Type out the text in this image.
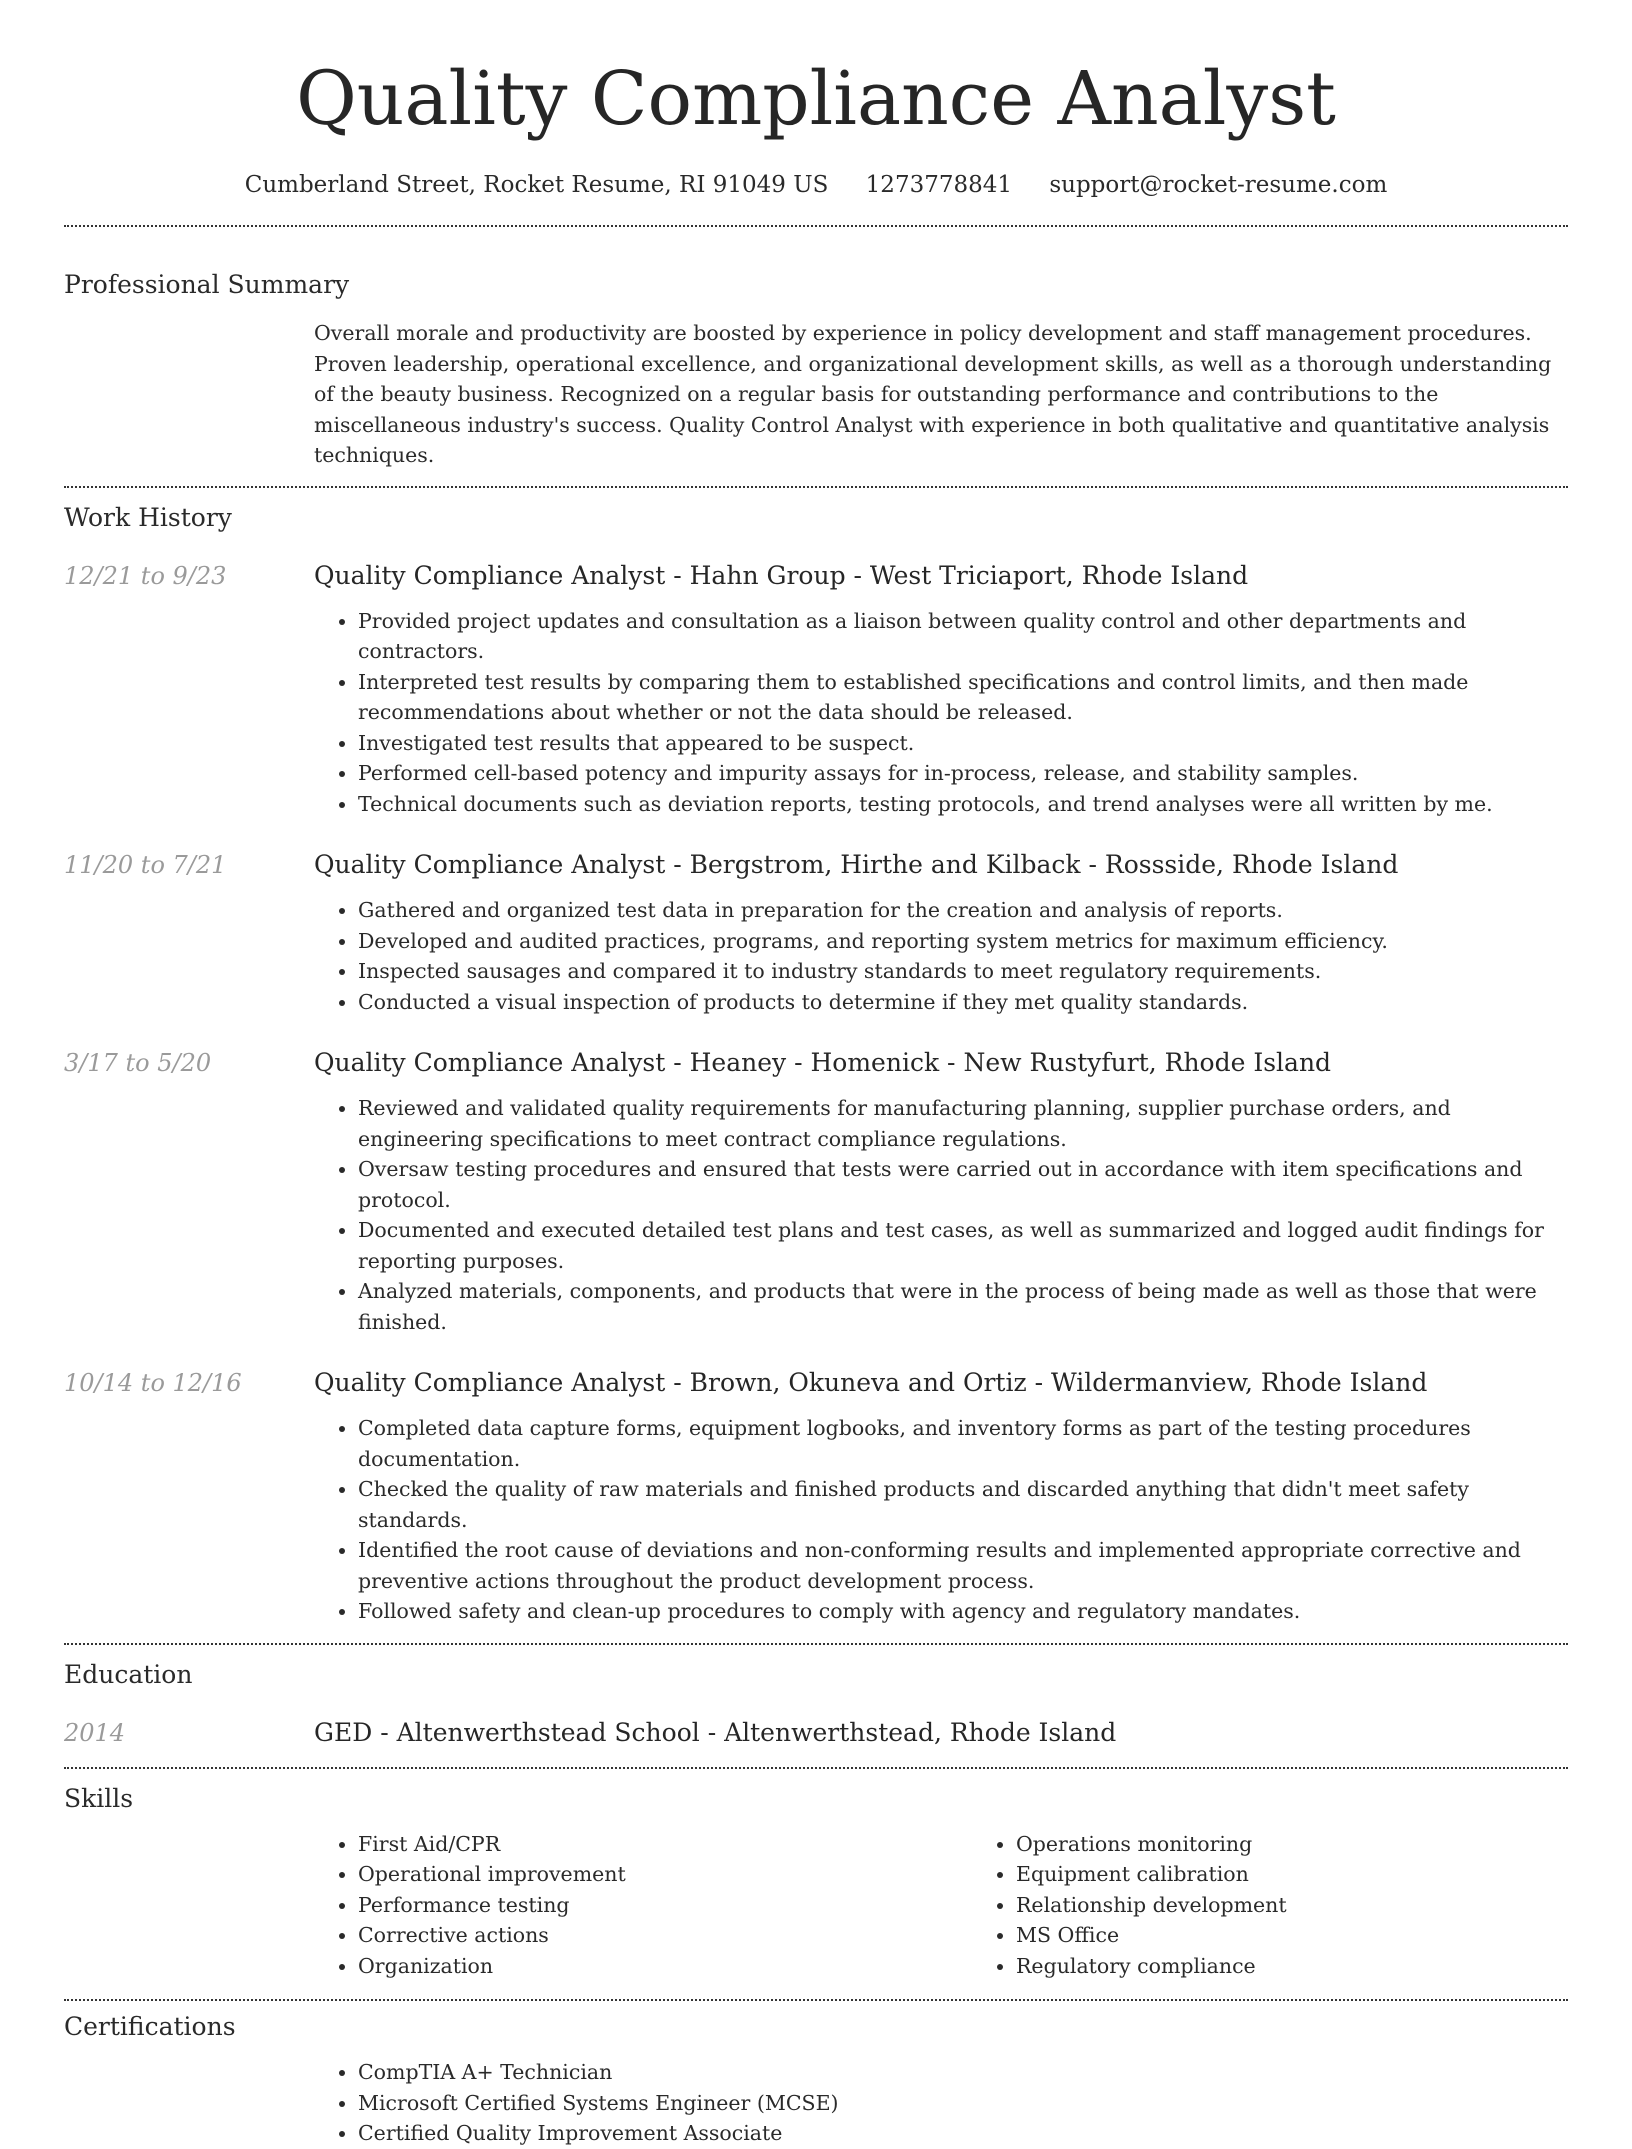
Quality Compliance Analyst
Cumberland Street, Rocket Resume, RI 91049 US 1273778841 support@rocket-resume.com
Professional Summary

Overall morale and productivity are boosted by experience in policy development and staff management procedures. Proven leadership, operational excellence, and organizational development skills, as well as a thorough understanding of the beauty business. Recognized on a regular basis for outstanding performance and contributions to the miscellaneous industry's success. Quality Control Analyst with experience in both qualitative and quantitative analysis techniques.

Work History
12/21 to 9/23	Quality Compliance Analyst - Hahn Group - West Triciaport, Rhode Island
• Provided project updates and consultation as a liaison between quality control and other departments and contractors.
• Interpreted test results by comparing them to established specifications and control limits, and then made recommendations about whether or not the data should be released.
• Investigated test results that appeared to be suspect.
• Performed cell-based potency and impurity assays for in-process, release, and stability samples.
• Technical documents such as deviation reports, testing protocols, and trend analyses were all written by me.
11/20 to 7/21	Quality Compliance Analyst - Bergstrom, Hirthe and Kilback - Rossside, Rhode Island
• Gathered and organized test data in preparation for the creation and analysis of reports.
• Developed and audited practices, programs, and reporting system metrics for maximum efficiency.
• Inspected sausages and compared it to industry standards to meet regulatory requirements.
• Conducted a visual inspection of products to determine if they met quality standards.
3/17 to 5/20	Quality Compliance Analyst - Heaney - Homenick - New Rustyfurt, Rhode Island
• Reviewed and validated quality requirements for manufacturing planning, supplier purchase orders, and engineering specifications to meet contract compliance regulations.
• Oversaw testing procedures and ensured that tests were carried out in accordance with item specifications and protocol.
• Documented and executed detailed test plans and test cases, as well as summarized and logged audit findings for reporting purposes.
• Analyzed materials, components, and products that were in the process of being made as well as those that were finished.
10/14 to 12/16	Quality Compliance Analyst - Brown, Okuneva and Ortiz - Wildermanview, Rhode Island
• Completed data capture forms, equipment logbooks, and inventory forms as part of the testing procedures documentation.
• Checked the quality of raw materials and finished products and discarded anything that didn't meet safety standards.
• Identified the root cause of deviations and non-conforming results and implemented appropriate corrective and preventive actions throughout the product development process.
• Followed safety and clean-up procedures to comply with agency and regulatory mandates.
Education
2014	GED - Altenwerthstead School - Altenwerthstead, Rhode Island
Skills
• First Aid/CPR
• Operational improvement
• Performance testing
• Corrective actions
• Organization
• Operations monitoring
• Equipment calibration
• Relationship development
• MS Office
• Regulatory compliance
Certifications
• CompTIA A+ Technician
• Microsoft Certified Systems Engineer (MCSE)
• Certified Quality Improvement Associate
